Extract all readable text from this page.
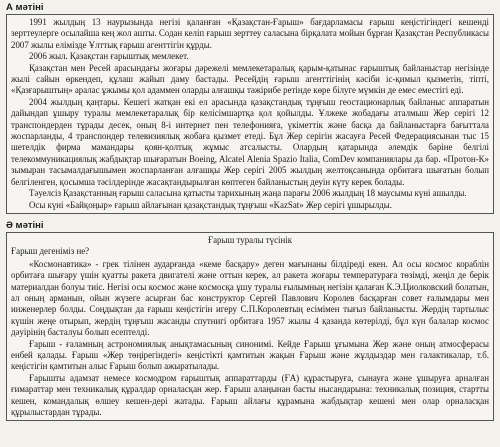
А мәтіні

1991 жылдың 13 наурызында негізі қаланған «Қазақстан-Ғарыш» бағдарламасы ғарыш кеңістігіндегі кешенді зерттеулерге осылайша кең жол ашты. Содан келіп ғарыш зерттеу саласына бірқалата мойын бұрған Қазақстан Республикасы 2007 жылы елімізде Ұлттық ғарыш агенттігін құрды.

2006 жыл. Қазақстан ғарыштық мемлекет.

Қазақстан мен Ресей арасындағы жоғары дәрежелі мемлекетаралық қарым-қатынас ғарыштық байланыстар негізінде жылі сайын өркендеп, құлаш жайып даму бастады. Ресейдің ғарыш агенттігінің кәсіби іс-қимыл қызметін, тіпті, «Қазғарыштың» аралас ұжымы қол адаммен оларды алғашқы тәжірибе ретінде көре білуге мүмкін де емес еместігі еді.

2004 жылдың қаңтары. Кешегі жатқан екі ел арасында қазақстандық тұңғыш геостационарлық байланыс аппаратын дайындап ұшыру туралы мемлекетаралық бір келісімшартқа қол қойылды. Ұлжеке жобадағы аталмыш Жер серігі 12 транспондерден тұрады десек, оның 8-і интернет пен телефонияға, үкіметтік және басқа да байланыстарға бағыттала жоспарланды, 4 транспондер телевизиялық жобаға қызмет етеді. Бұл Жер серігін жасауға Ресей Федерациясынан тыс 15 шетелдік фирма мамандары қоян-қолтық жұмыс атсалысты. Олардың қатарында әлемдік бәріне белгілі телекоммуникациялық жабдықтар шығаратын Boeing, Alcatel Alenia Spazio Italia, ComDev компаниялары да бар. «Протон-К» зымыран тасымалдағышымен жоспарланған алғашқы Жер серігі 2005 жылдың желтоқсанында орбитаға шығатын болып белгіленген, қосымша тәсілдерінде жасақтандырылған көптеген байланыстың деуін күту керек болады.

Тәуелсіз Қазақстанның ғарыш саласына қатысты тарихының жаңа парағы 2006 жылдың 18 маусымы күні ашылды.

Осы күні «Байқоңыр» ғарыш айлағынан қазақстандық тұңғыш «KazSat» Жер серігі ұшырылды.

Ә мәтіні

Ғарыш туралы түсінік

Ғарыш дегеніміз не?

«Космонавтика» - грек тілінен аударғанда «кеме басқару» деген мағынаны білдіреді екен. Ал осы космос кораблін орбитаға шығару үшін қуатты ракета двигателі және оттын керек, ал ракета жоғары температураға төзімді, жеңіл де берік материалдан болуы тиіс. Негізі осы космос және космосқа ұшу туралы ғылымның негізін қалаған К.Э.Циолковский болатын, ал оның арманын, ойын жүзеге асырған бас конструктор Сергей Павлович Королев басқарған совет ғалымдары мен инженерлер болды. Соңдықтан да ғарыш кеңістігін игеру С.П.Королевтың есімімен тығыз байланысты. Жердің тартылыс күшін жеңе отырып, жердің тұңғыш жасанды спутнигі орбитаға 1957 жылы 4 қазанда көтерілді, бұл күн балалар космос дәуірінің басталуы болып есептелді.

Ғарыш - ғаламның астрономиялық анықтамасының синонимі. Кейде Ғарыш ұғымына Жер және оның атмосферасы енбей қалады. Ғарыш «Жер төңірегіндегі» кеңістікті қамтитын жақын Ғарыш және жұлдыздар мен галактикалар, т.б. кеңістігін қамтитын алыс Ғарыш болып ажыратылады.

Ғарышты адамзат немесе космодром ғарыштық аппараттарды (ҒА) құрастыруға, сынауға және ұшыруға арналған ғимараттар мен техникалық құралдар орналасқан жер. Ғарыш алаңынан басты нысандарына: техникалық позиция, стартты кешен, командалық өлшеу кешен-дері жатады. Ғарыш айлағы құрамына жабдықтар кешені мен олар орналасқан құрылыстардан тұрады.
